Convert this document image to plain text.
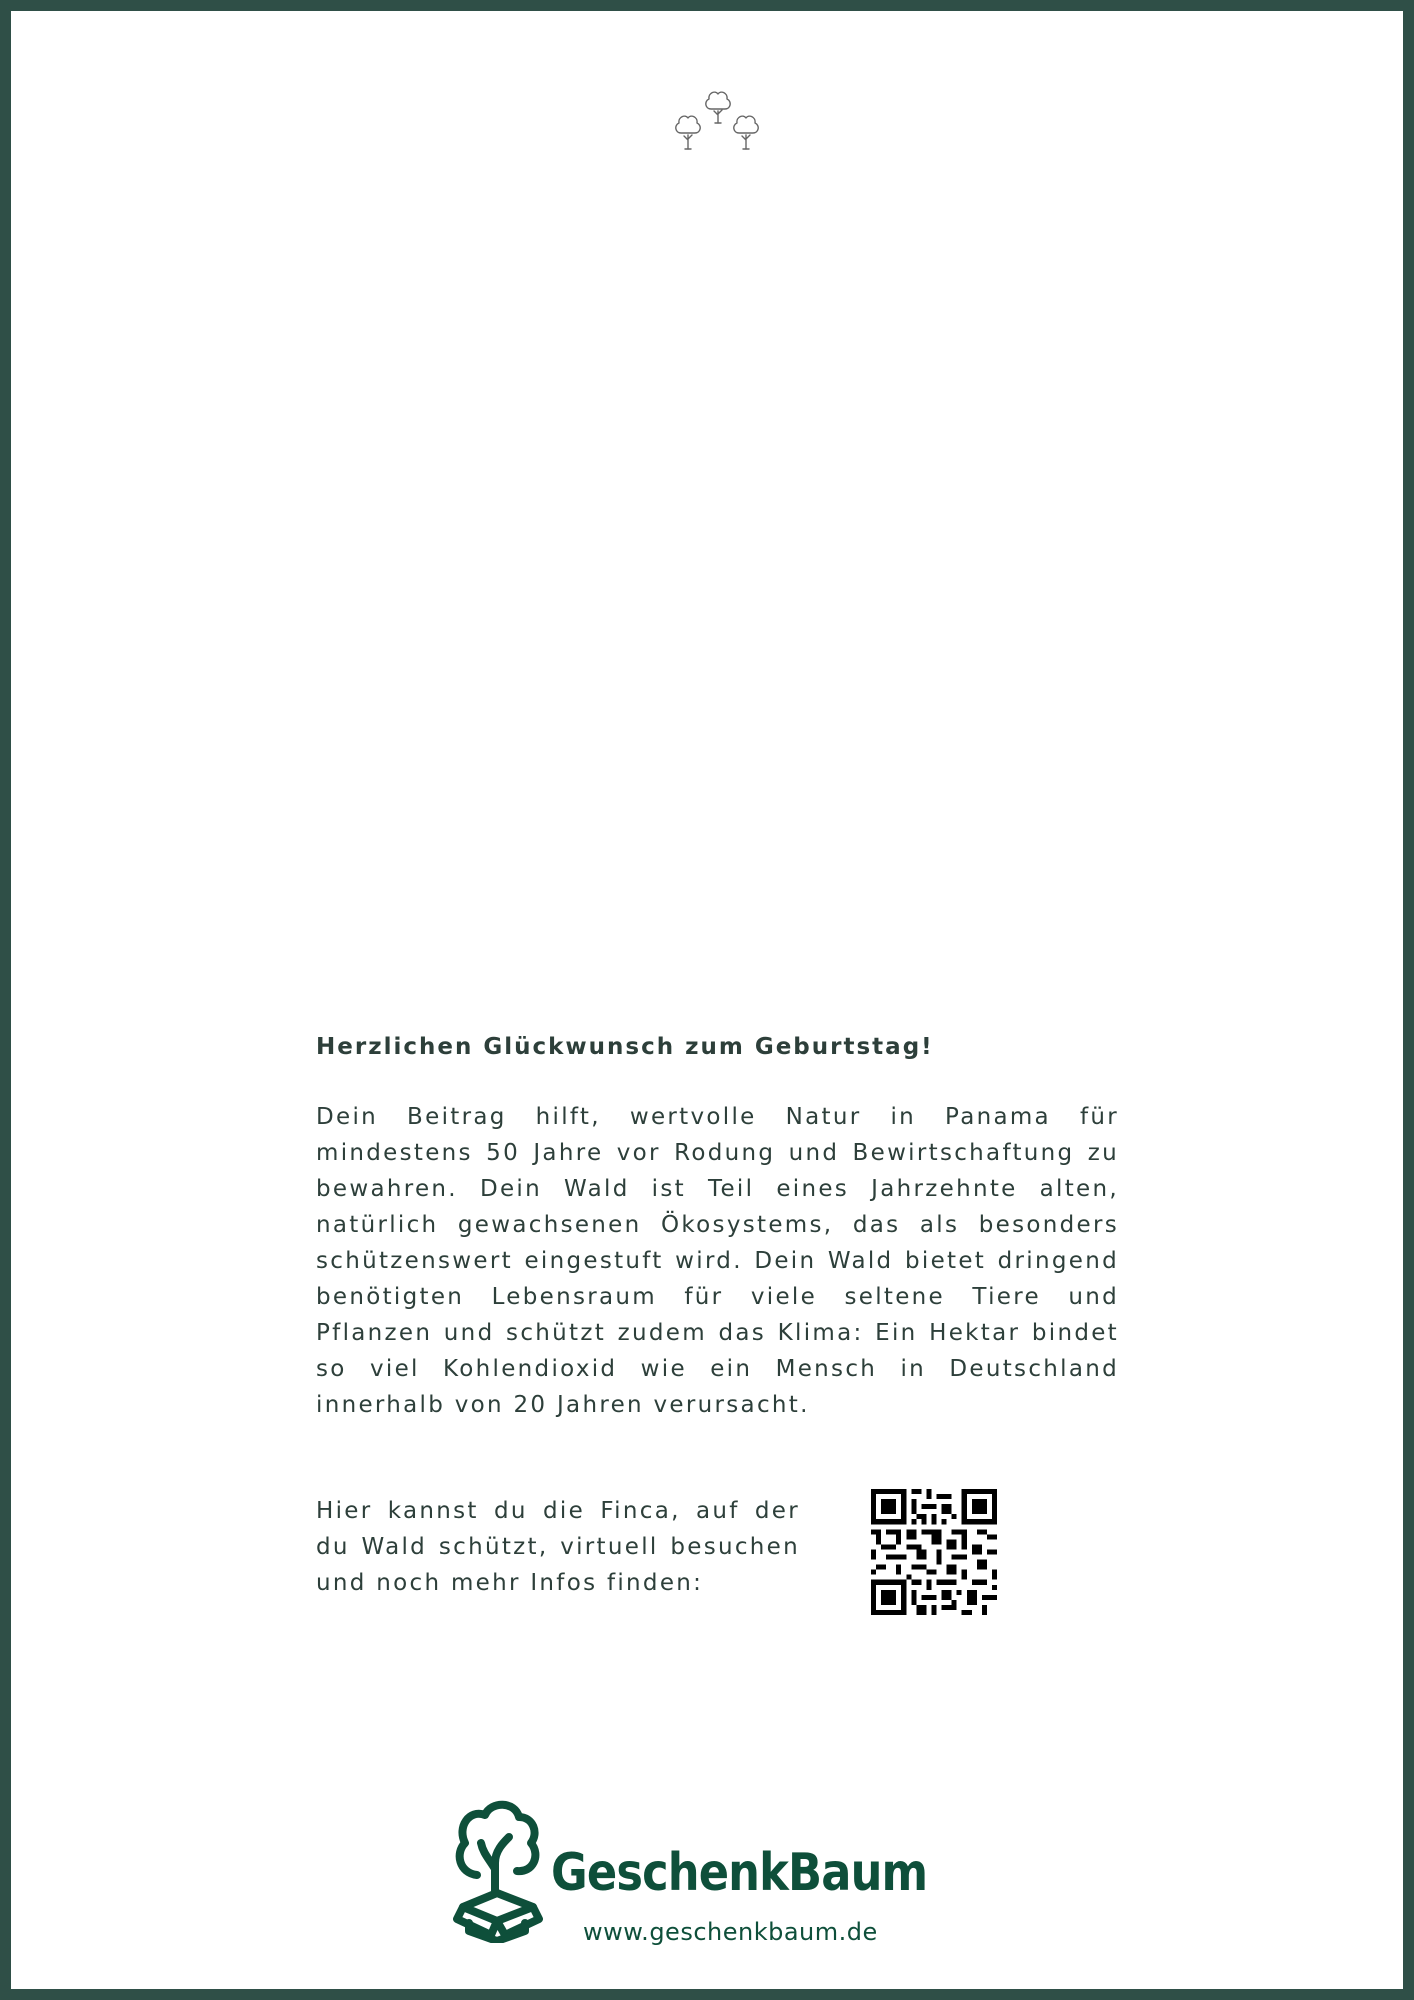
Herzlichen Glückwunsch zum Geburtstag!
Dein Beitrag hilft, wertvolle Natur in Panama für mindestens 50 Jahre vor Rodung und Bewirtschaftung zu bewahren. Dein Wald ist Teil eines Jahrzehnte alten, natürlich gewachsenen Ökosystems, das als besonders schützenswert eingestuft wird. Dein Wald bietet dringend benötigten Lebensraum für viele seltene Tiere und Pflanzen und schützt zudem das Klima: Ein Hektar bindet so viel Kohlendioxid wie ein Mensch in Deutschland innerhalb von 20 Jahren verursacht.
Hier kannst du die Finca, auf der du Wald schützt, virtuell besuchen und noch mehr Infos finden:
GeschenkBaum
www.geschenkbaum.de
